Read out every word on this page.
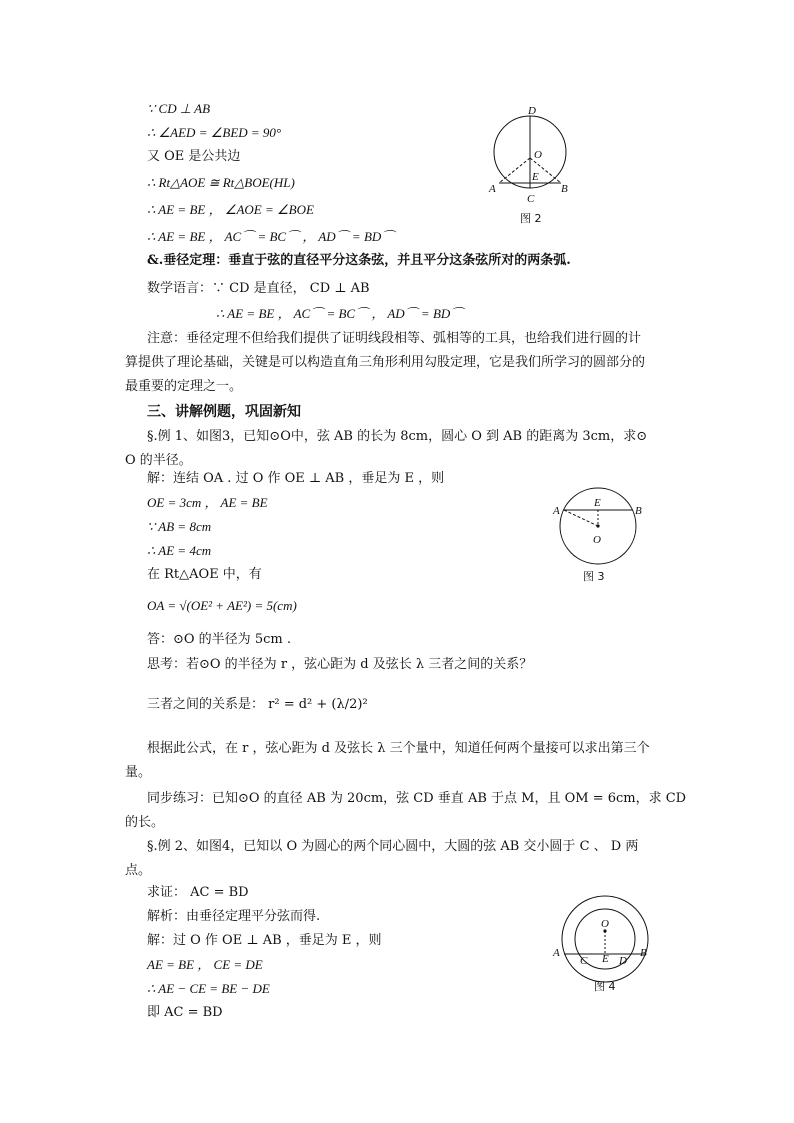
∵ CD ⊥ AB
∴ ∠AED = ∠BED = 90°
又 OE 是公共边
∴ Rt△AOE ≅ Rt△BOE(HL)
∴ AE = BE ， ∠AOE = ∠BOE
∴ AE = BE ， AC⌒ = BC⌒ ， AD⌒ = BD⌒
&.垂径定理：垂直于弦的直径平分这条弦，并且平分这条弦所对的两条弧.
数学语言：∵ CD 是直径， CD ⊥ AB
∴ AE = BE ， AC⌒ = BC⌒ ， AD⌒ = BD⌒
注意：垂径定理不但给我们提供了证明线段相等、弧相等的工具，也给我们进行圆的计
算提供了理论基础，关键是可以构造直角三角形利用勾股定理，它是我们所学习的圆部分的
最重要的定理之一。
三、讲解例题，巩固新知
§.例 1、如图3，已知⊙O中，弦 AB 的长为 8cm，圆心 O 到 AB 的距离为 3cm，求⊙
O 的半径。
解：连结 OA . 过 O 作 OE ⊥ AB ，垂足为 E ，则
OE = 3cm ， AE = BE
∵ AB = 8cm
∴ AE = 4cm
在 Rt△AOE 中，有
OA = √(OE² + AE²) = 5(cm)
答：⊙O 的半径为 5cm .
思考：若⊙O 的半径为 r ，弦心距为 d 及弦长 λ 三者之间的关系？
三者之间的关系是： r² = d² + (λ/2)²
根据此公式，在 r ，弦心距为 d 及弦长 λ 三个量中，知道任何两个量接可以求出第三个
量。
同步练习：已知⊙O 的直径 AB 为 20cm，弦 CD 垂直 AB 于点 M，且 OM = 6cm，求 CD
的长。
§.例 2、如图4，已知以 O 为圆心的两个同心圆中，大圆的弦 AB 交小圆于 C 、 D 两
点。
求证： AC = BD
解析：由垂径定理平分弦而得.
解：过 O 作 OE ⊥ AB ，垂足为 E ，则
AE = BE ， CE = DE
∴ AE − CE = BE − DE
即 AC = BD
D
O
E
A	B
C
图 2
A
E
B
O
图 3
O
A
C E D
B
图 4
